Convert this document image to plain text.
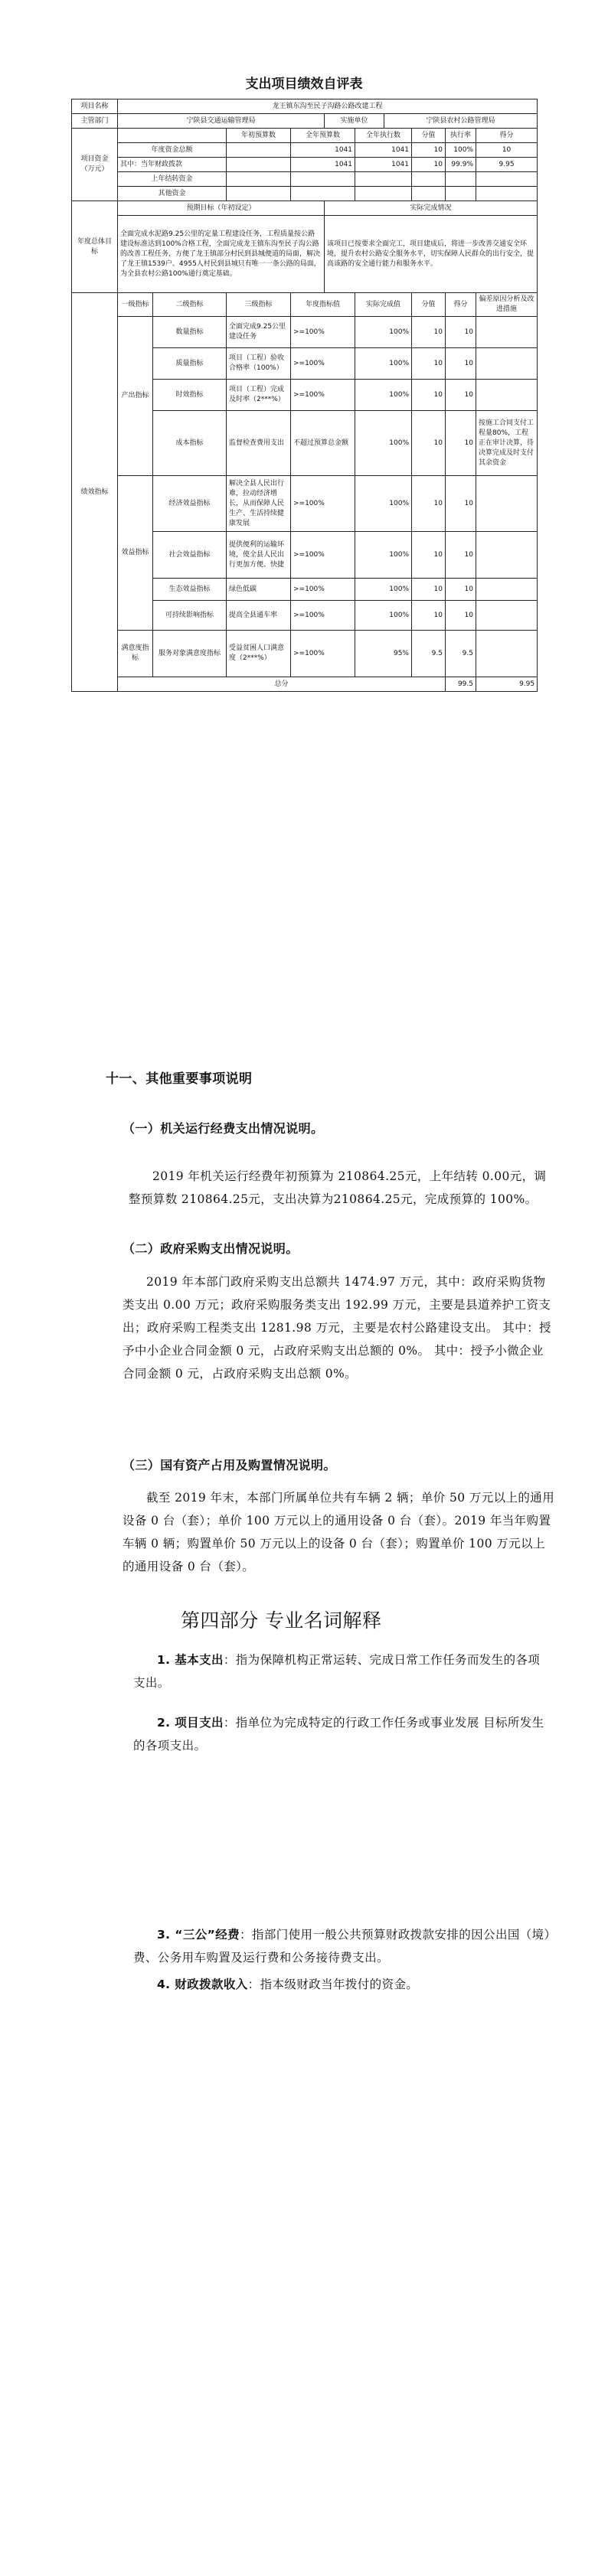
支出项目绩效自评表
项目名称	龙王镇东沟至民子沟路公路改建工程										
主管部门	宁陕县交通运输管理局				实施单位		宁陕县农村公路管理局				
项目资金（万元）			年初预算数	全年预算数		全年执行数		分值	执行率	得分	
	年度资金总额			1041		1041		10	100%	10	
	其中：当年财政拨款			1041		1041		10	99.9%	9.95	
	上年结转资金										
	其他资金										
年度总体目标	预期目标（年初设定）				实际完成情况						
	全面完成水泥路9.25公里的定量工程建设任务，工程质量按公路建设标准达到100%合格工程，全面完成龙王镇东沟至民子沟公路的改善工程任务，方便了龙王镇部分村民到县城便道的局面，解决了龙王镇1539户、4955人村民到县城只有唯一一条公路的局面，为全县农村公路100%通行奠定基础。				该项目已按要求全面完工，项目建成后，将进一步改善交通安全环境，提升农村公路安全服务水平，切实保障人民群众的出行安全，提高该路的安全通行能力和服务水平。						
绩效指标	一级指标	二级指标	三级指标	年度指标值		实际完成值		分值	得分	偏差原因分析及改进措施	
	产出指标	数量指标	全面完成9.25公里建设任务	>=100%		100%		10	10		
		质量指标	项目（工程）验收合格率（100%）	>=100%		100%		10	10		
		时效指标	项目（工程）完成及时率（2***%）	>=100%		100%		10	10		
		成本指标	监督检查费用支出	不超过预算总金额		100%		10	10	按施工合同支付工程量80%，工程正在审计决算，待决算完成及时支付其余资金	
	效益指标	经济效益指标	解决全县人民出行难，拉动经济增长，从而保障人民生产、生活持续健康发展	>=100%		100%		10	10		
		社会效益指标	提供便利的运输环境，使全县人民出行更加方便、快捷	>=100%		100%		10	10		
		生态效益指标	绿色低碳	>=100%		100%		10	10		
		可持续影响指标	提高全县通车率	>=100%		100%		10	10		
	满意度指标	服务对象满意度指标	受益贫困人口满意度（2***%）	>=100%		95%		9.5	9.5		
	总分								99.5	9.95	
十一、其他重要事项说明
（一）机关运行经费支出情况说明。
2019 年机关运行经费年初预算为 210864.25元，上年结转 0.00元，调整预算数 210864.25元，支出决算为210864.25元，完成预算的 100%。
（二）政府采购支出情况说明。
2019 年本部门政府采购支出总额共 1474.97 万元，其中：政府采购货物类支出 0.00 万元；政府采购服务类支出 192.99 万元，主要是县道养护工资支出；政府采购工程类支出 1281.98 万元，主要是农村公路建设支出。 其中：授予中小企业合同金额 0 元，占政府采购支出总额的 0%。 其中：授予小微企业合同金额 0 元，占政府采购支出总额 0%。
（三）国有资产占用及购置情况说明。
截至 2019 年末，本部门所属单位共有车辆 2 辆；单价 50 万元以上的通用设备 0 台（套）；单价 100 万元以上的通用设备 0 台（套）。2019 年当年购置车辆 0 辆；购置单价 50 万元以上的设备 0 台（套）；购置单价 100 万元以上的通用设备 0 台（套）。
第四部分 专业名词解释
1. 基本支出：指为保障机构正常运转、完成日常工作任务而发生的各项支出。
2. 项目支出：指单位为完成特定的行政工作任务或事业发展 目标所发生的各项支出。
3. “三公”经费：指部门使用一般公共预算财政拨款安排的因公出国（境）费、公务用车购置及运行费和公务接待费支出。
4. 财政拨款收入：指本级财政当年拨付的资金。
